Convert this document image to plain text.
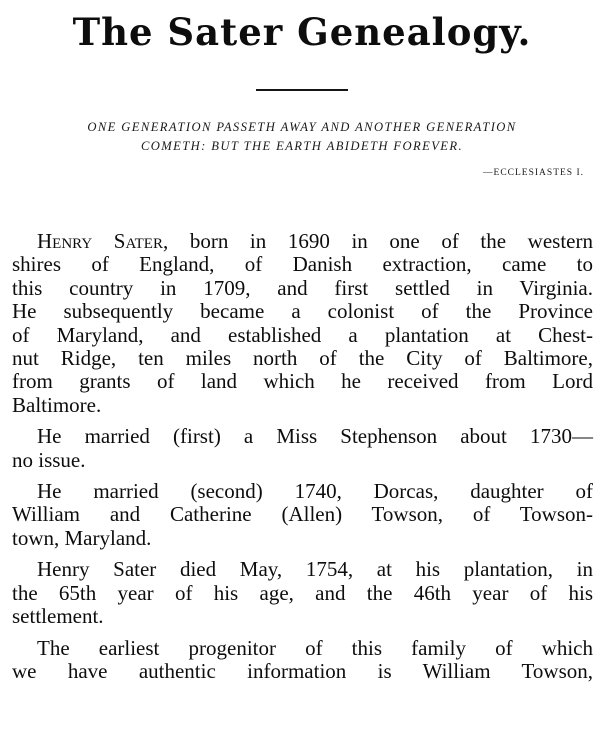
The Sater Genealogy.
ONE GENERATION PASSETH AWAY AND ANOTHER GENERATION
COMETH: BUT THE EARTH ABIDETH FOREVER.
—ECCLESIASTES I.
Henry Sater, born in 1690 in one of the western
shires of England, of Danish extraction, came to
this country in 1709, and first settled in Virginia.
He subsequently became a colonist of the Province
of Maryland, and established a plantation at Chest-
nut Ridge, ten miles north of the City of Baltimore,
from grants of land which he received from Lord
Baltimore.
He married (first) a Miss Stephenson about 1730—
no issue.
He married (second) 1740, Dorcas, daughter of
William and Catherine (Allen) Towson, of Towson-
town, Maryland.
Henry Sater died May, 1754, at his plantation, in
the 65th year of his age, and the 46th year of his
settlement.
The earliest progenitor of this family of which
we have authentic information is William Towson,
